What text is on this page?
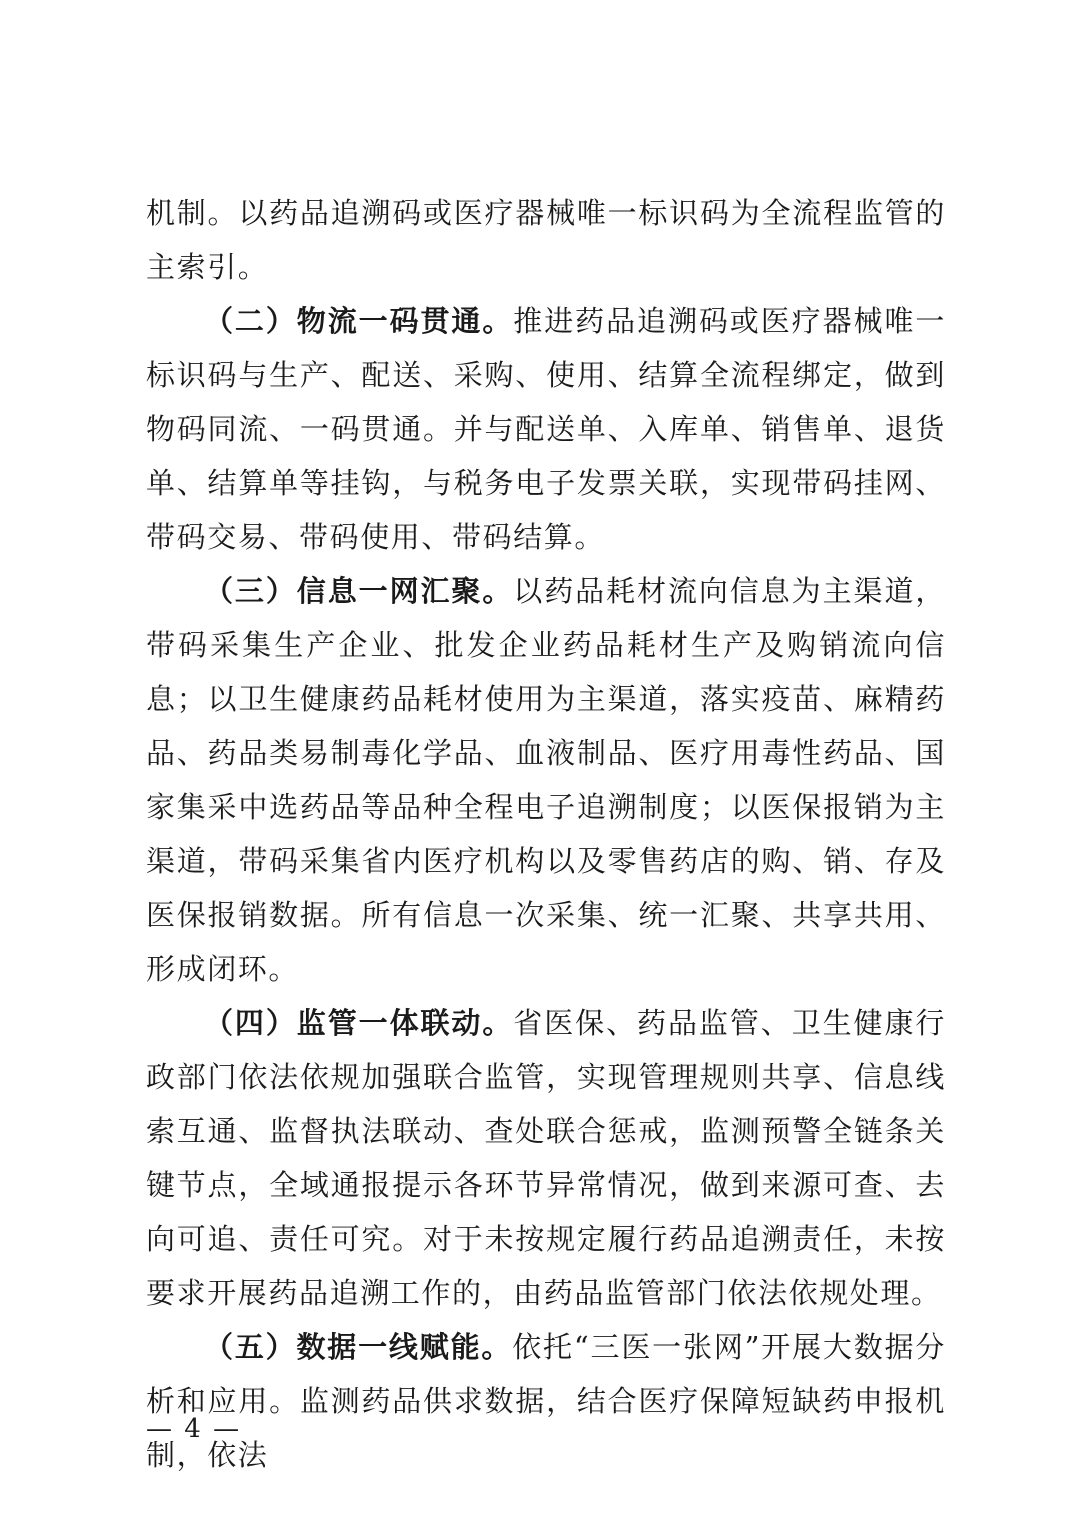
机制。以药品追溯码或医疗器械唯一标识码为全流程监管的主索引。

（二）物流一码贯通。推进药品追溯码或医疗器械唯一标识码与生产、配送、采购、使用、结算全流程绑定，做到物码同流、一码贯通。并与配送单、入库单、销售单、退货单、结算单等挂钩，与税务电子发票关联，实现带码挂网、带码交易、带码使用、带码结算。

（三）信息一网汇聚。以药品耗材流向信息为主渠道，带码采集生产企业、批发企业药品耗材生产及购销流向信息；以卫生健康药品耗材使用为主渠道，落实疫苗、麻精药品、药品类易制毒化学品、血液制品、医疗用毒性药品、国家集采中选药品等品种全程电子追溯制度；以医保报销为主渠道，带码采集省内医疗机构以及零售药店的购、销、存及医保报销数据。所有信息一次采集、统一汇聚、共享共用、形成闭环。

（四）监管一体联动。省医保、药品监管、卫生健康行政部门依法依规加强联合监管，实现管理规则共享、信息线索互通、监督执法联动、查处联合惩戒，监测预警全链条关键节点，全域通报提示各环节异常情况，做到来源可查、去向可追、责任可究。对于未按规定履行药品追溯责任，未按要求开展药品追溯工作的，由药品监管部门依法依规处理。

（五）数据一线赋能。依托“三医一张网”开展大数据分析和应用。监测药品供求数据，结合医疗保障短缺药申报机制，依法

— 4 —
